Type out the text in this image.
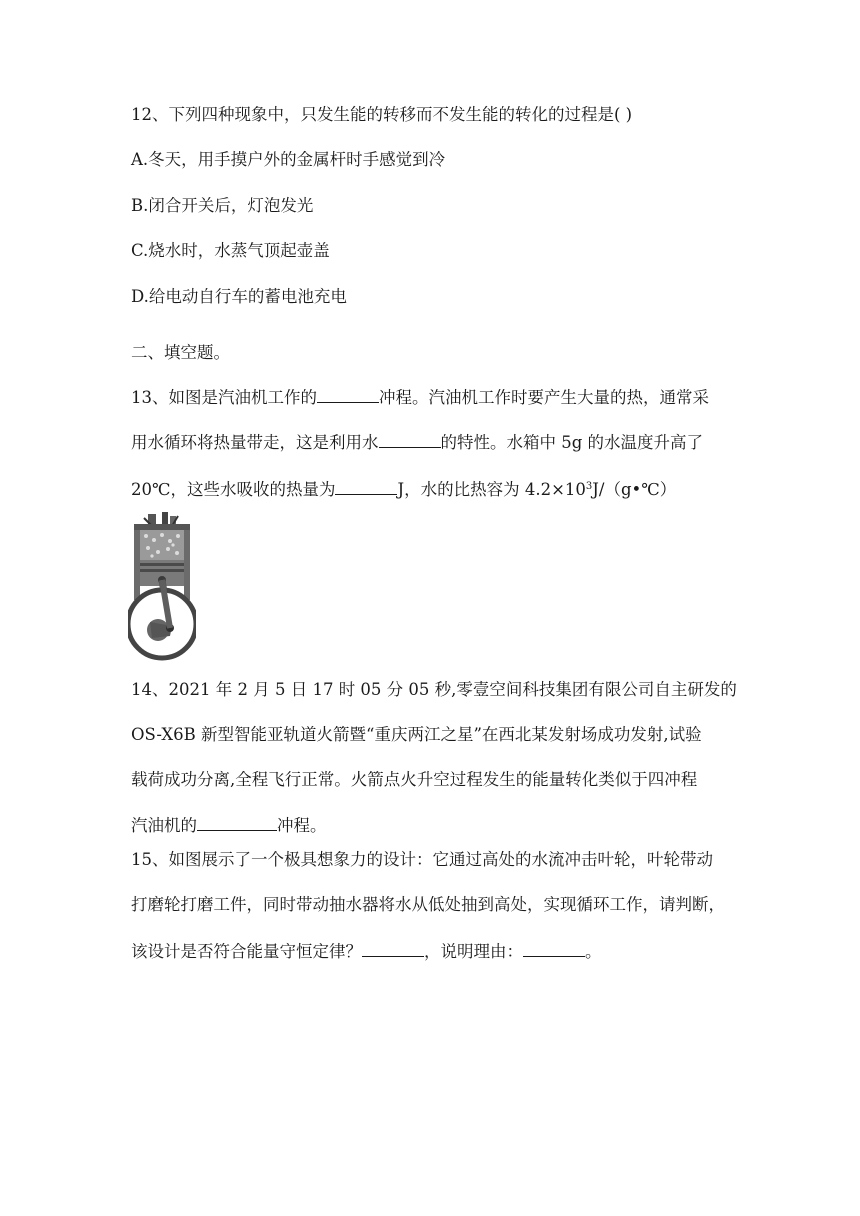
12、下列四种现象中，只发生能的转移而不发生能的转化的过程是( )
A.冬天，用手摸户外的金属杆时手感觉到冷
B.闭合开关后，灯泡发光
C.烧水时，水蒸气顶起壶盖
D.给电动自行车的蓄电池充电
二、填空题。
13、如图是汽油机工作的	冲程。汽油机工作时要产生大量的热，通常采
用水循环将热量带走，这是利用水	的特性。水箱中 5g 的水温度升高了
20℃，这些水吸收的热量为	J，水的比热容为 $4.2\times 10^3J/(g•℃)$
14、2021 年 2 月 5 日 17 时 05 分 05 秒,零壹空间科技集团有限公司自主研发的
OS-X6B 新型智能亚轨道火箭暨“重庆两江之星”在西北某发射场成功发射,试验
载荷成功分离,全程飞行正常。火箭点火升空过程发生的能量转化类似于四冲程
汽油机的	冲程。
15、如图展示了一个极具想象力的设计：它通过高处的水流冲击叶轮，叶轮带动
打磨轮打磨工件，同时带动抽水器将水从低处抽到高处，实现循环工作，请判断，
该设计是否符合能量守恒定律？	，说明理由：	。
